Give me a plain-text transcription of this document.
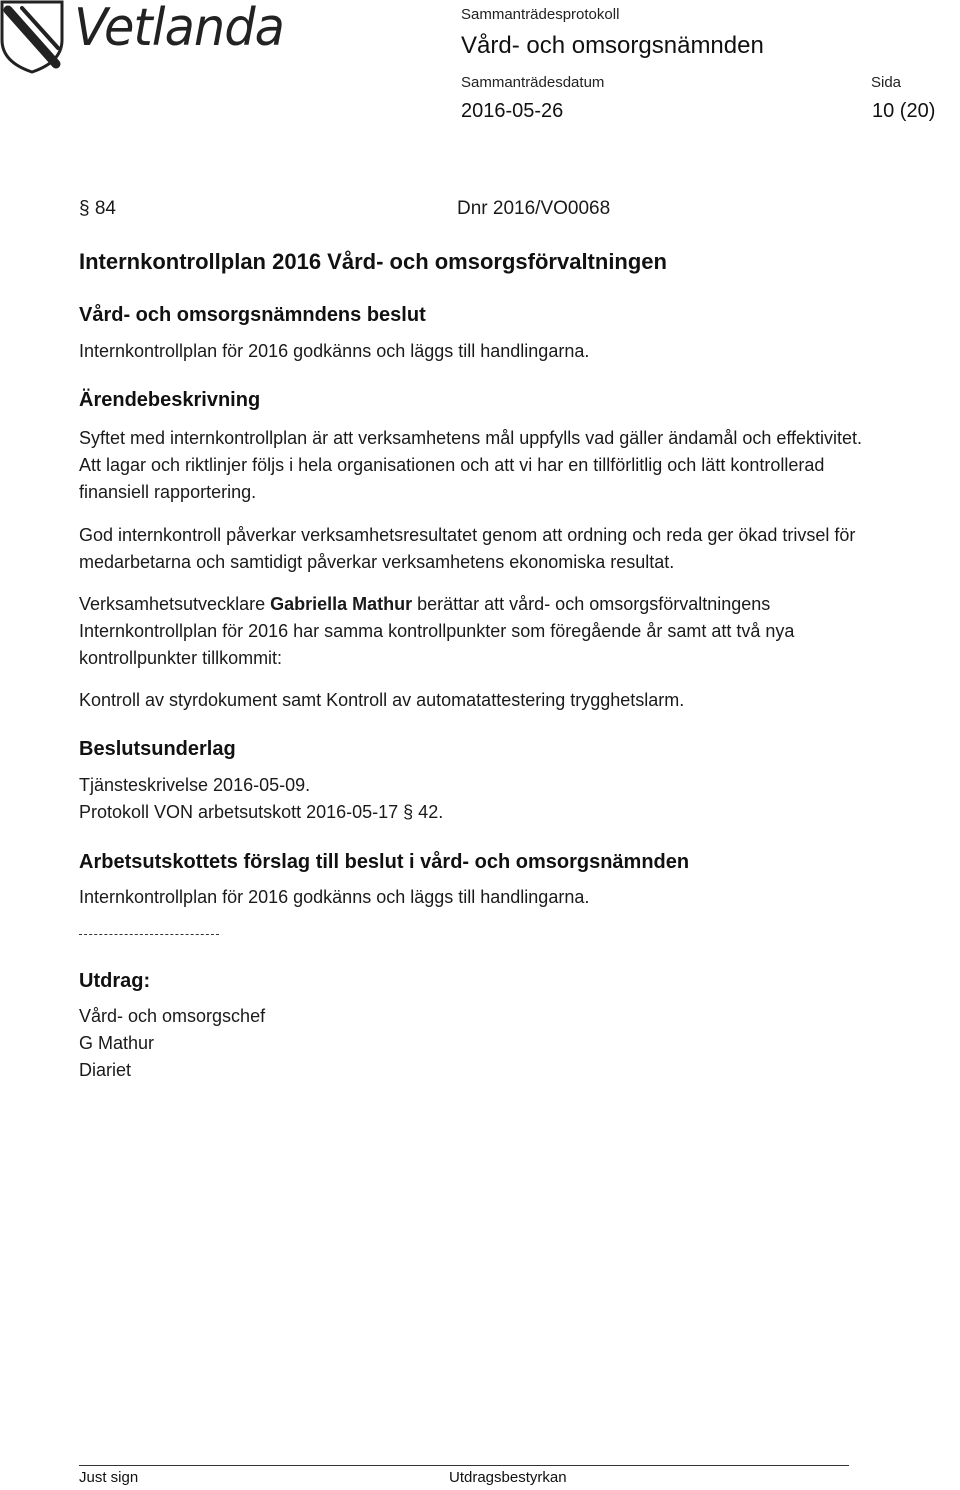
Vetlanda	Sammanträdesprotokoll
Vård- och omsorgsnämnden
Sammanträdesdatum	Sida
2016-05-26	10 (20)
§ 84	Dnr 2016/VO0068
Internkontrollplan 2016 Vård- och omsorgsförvaltningen
Vård- och omsorgsnämndens beslut
Internkontrollplan för 2016 godkänns och läggs till handlingarna.
Ärendebeskrivning
Syftet med internkontrollplan är att verksamhetens mål uppfylls vad gäller ändamål och effektivitet. Att lagar och riktlinjer följs i hela organisationen och att vi har en tillförlitlig och lätt kontrollerad finansiell rapportering.
God internkontroll påverkar verksamhetsresultatet genom att ordning och reda ger ökad trivsel för medarbetarna och samtidigt påverkar verksamhetens ekonomiska resultat.
Verksamhetsutvecklare Gabriella Mathur berättar att vård- och omsorgsförvaltningens Internkontrollplan för 2016 har samma kontrollpunkter som föregående år samt att två nya kontrollpunkter tillkommit:
Kontroll av styrdokument samt Kontroll av automatattestering trygghetslarm.
Beslutsunderlag
Tjänsteskrivelse 2016-05-09.
Protokoll VON arbetsutskott 2016-05-17 § 42.
Arbetsutskottets förslag till beslut i vård- och omsorgsnämnden
Internkontrollplan för 2016 godkänns och läggs till handlingarna.
Utdrag:
Vård- och omsorgschef
G Mathur
Diariet
Just sign	Utdragsbestyrkan
